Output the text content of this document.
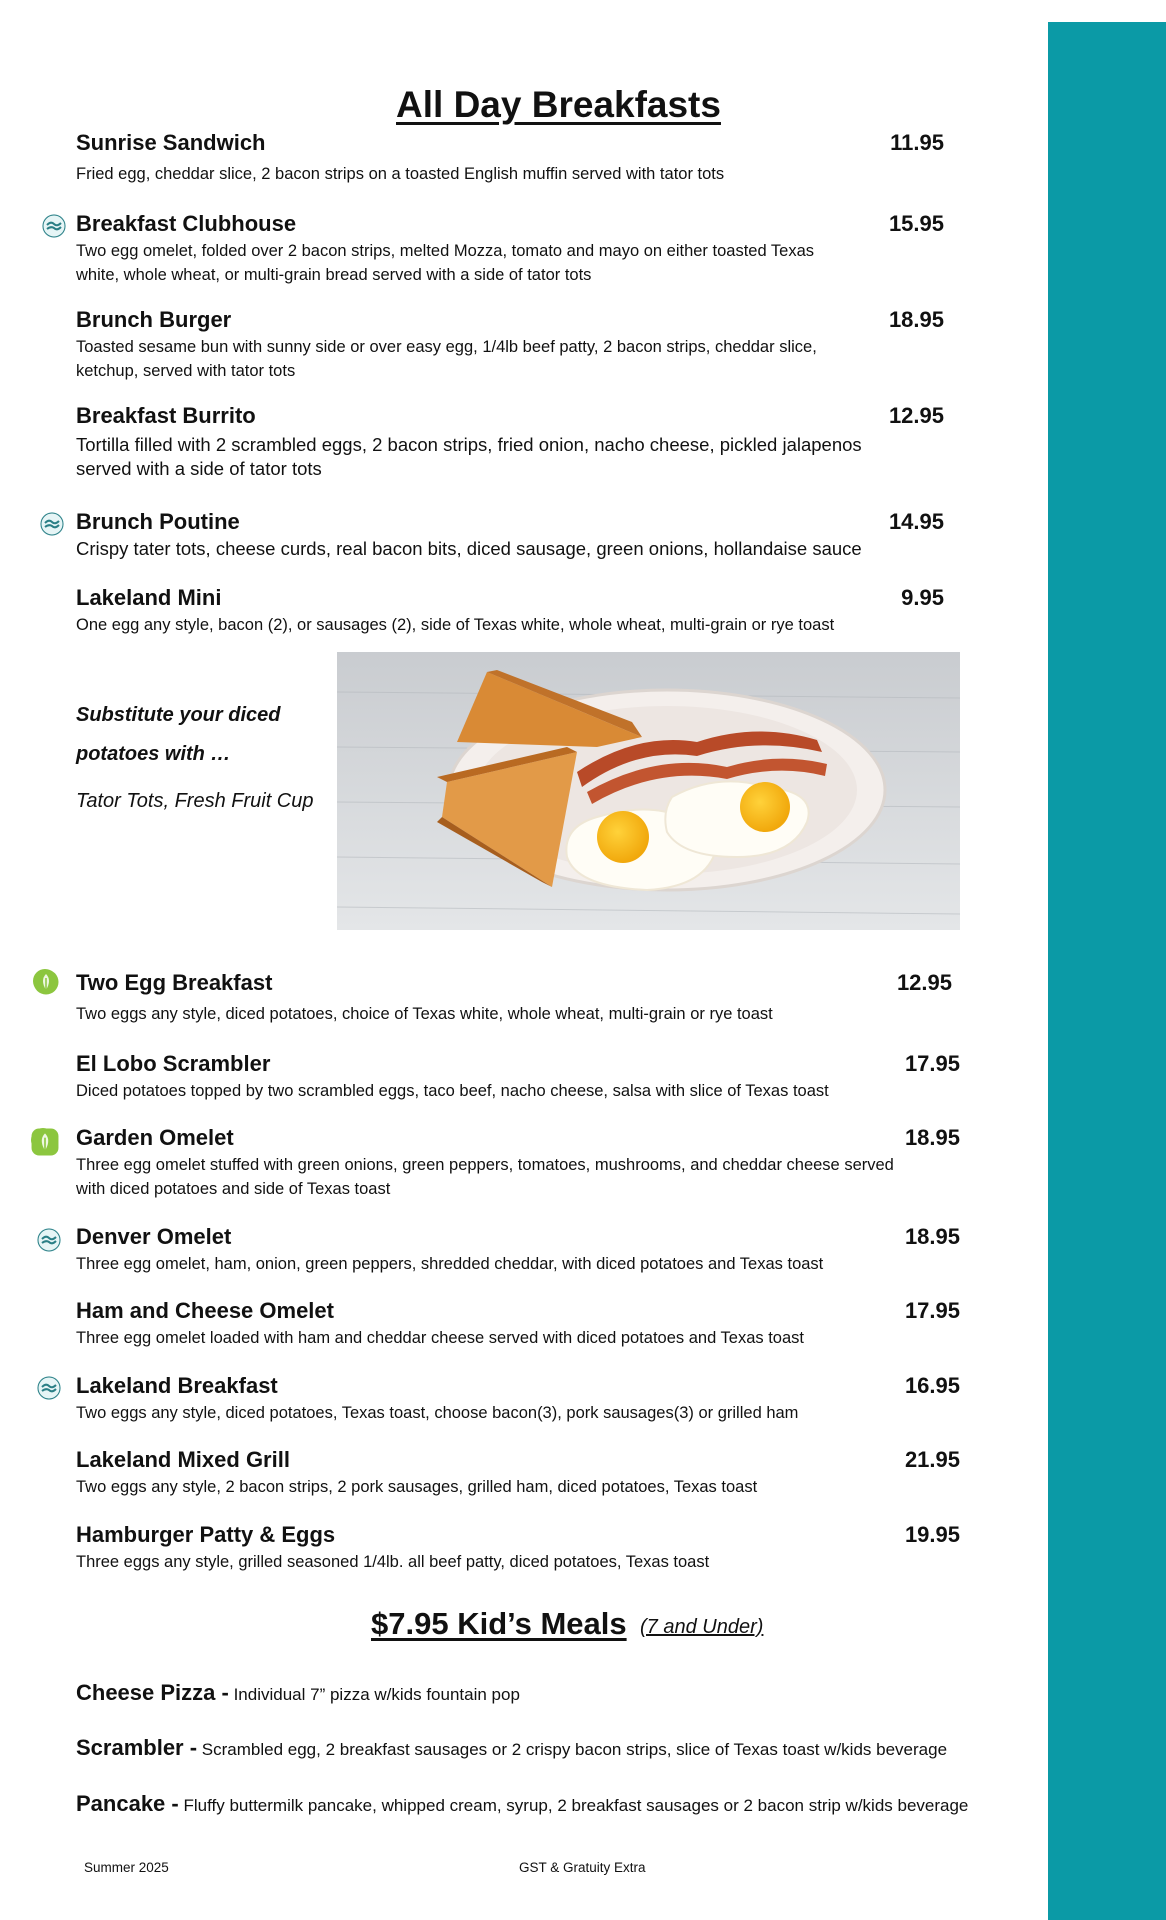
All Day Breakfasts
Sunrise Sandwich	11.95
Fried egg, cheddar slice, 2 bacon strips on a toasted English muffin served with tator tots
Breakfast Clubhouse	15.95
Two egg omelet, folded over 2 bacon strips, melted Mozza, tomato and mayo on either toasted Texas white, whole wheat, or multi-grain bread served with a side of tator tots
Brunch Burger	18.95
Toasted sesame bun with sunny side or over easy egg, 1/4lb beef patty, 2 bacon strips, cheddar slice, ketchup, served with tator tots
Breakfast Burrito	12.95
Tortilla filled with 2 scrambled eggs, 2 bacon strips, fried onion, nacho cheese, pickled jalapenos served with a side of tator tots
Brunch Poutine	14.95
Crispy tater tots, cheese curds, real bacon bits, diced sausage, green onions, hollandaise sauce
Lakeland Mini	9.95
One egg any style, bacon (2), or sausages (2), side of Texas white, whole wheat, multi-grain or rye toast
Substitute your diced
potatoes with …
Tator Tots, Fresh Fruit Cup
Two Egg Breakfast	12.95
Two eggs any style, diced potatoes, choice of Texas white, whole wheat, multi-grain or rye toast
El Lobo Scrambler	17.95
Diced potatoes topped by two scrambled eggs, taco beef, nacho cheese, salsa with slice of Texas toast
Garden Omelet	18.95
Three egg omelet stuffed with green onions, green peppers, tomatoes, mushrooms, and cheddar cheese served with diced potatoes and side of Texas toast
Denver Omelet	18.95
Three egg omelet, ham, onion, green peppers, shredded cheddar, with diced potatoes and Texas toast
Ham and Cheese Omelet	17.95
Three egg omelet loaded with ham and cheddar cheese served with diced potatoes and Texas toast
Lakeland Breakfast	16.95
Two eggs any style, diced potatoes, Texas toast, choose bacon(3), pork sausages(3) or grilled ham
Lakeland Mixed Grill	21.95
Two eggs any style, 2 bacon strips, 2 pork sausages, grilled ham, diced potatoes, Texas toast
Hamburger Patty & Eggs	19.95
Three eggs any style, grilled seasoned 1/4lb. all beef patty, diced potatoes, Texas toast
$7.95 Kid’s Meals (7 and Under)
Cheese Pizza - Individual 7” pizza w/kids fountain pop
Scrambler - Scrambled egg, 2 breakfast sausages or 2 crispy bacon strips, slice of Texas toast w/kids beverage
Pancake - Fluffy buttermilk pancake, whipped cream, syrup, 2 breakfast sausages or 2 bacon strip w/kids beverage
Summer 2025	GST & Gratuity Extra
